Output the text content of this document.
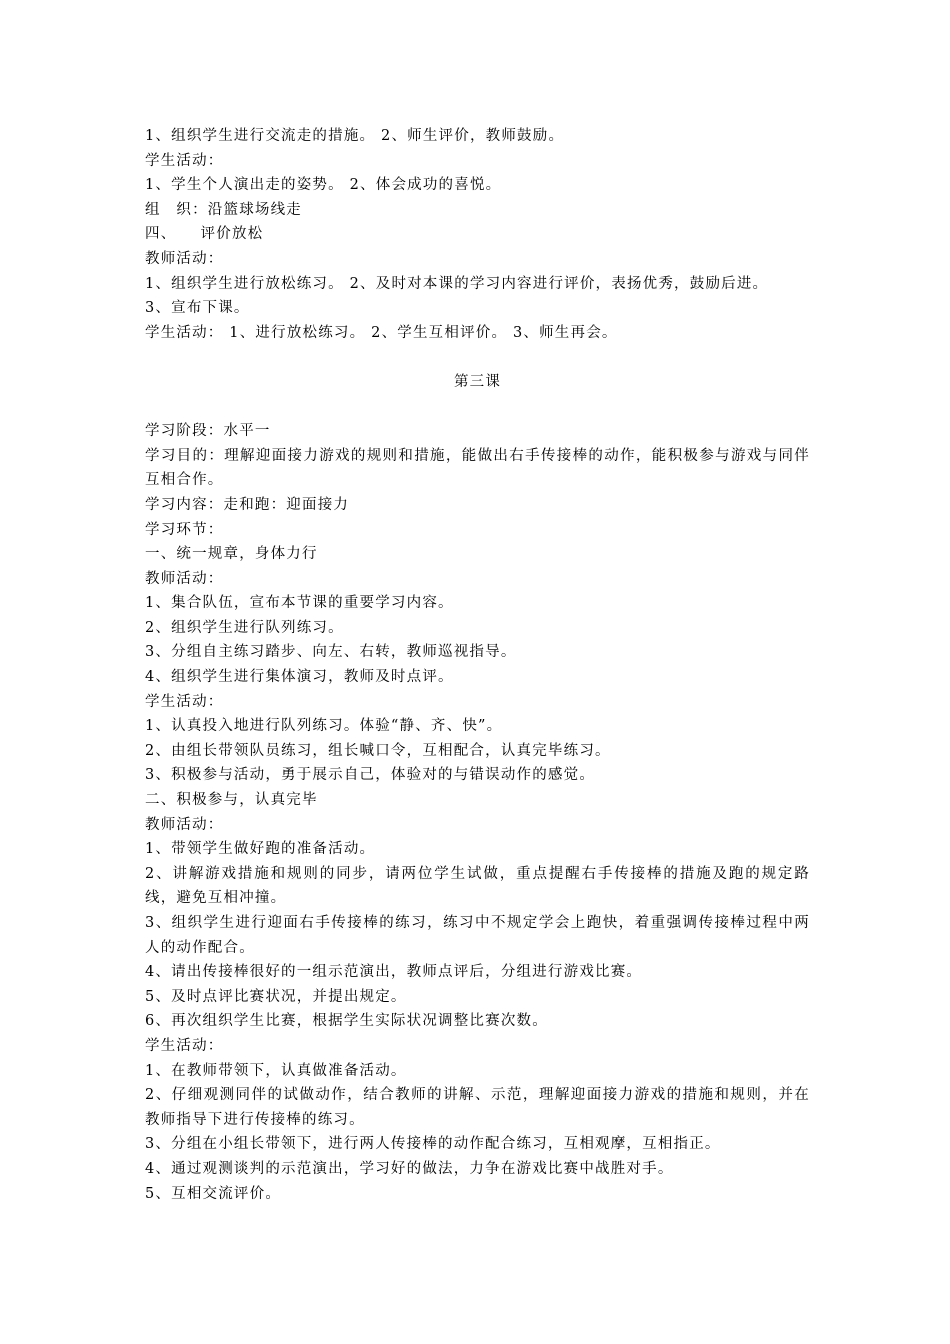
1、组织学生进行交流走的措施。 2、师生评价，教师鼓励。
学生活动：
1、学生个人演出走的姿势。 2、体会成功的喜悦。
组　织：沿篮球场线走
四、　　评价放松
教师活动：
1、组织学生进行放松练习。 2、及时对本课的学习内容进行评价，表扬优秀，鼓励后进。
3、宣布下课。
学生活动： 1、进行放松练习。 2、学生互相评价。 3、师生再会。
第三课
学习阶段：水平一
学习目的：理解迎面接力游戏的规则和措施，能做出右手传接棒的动作，能积极参与游戏与同伴互相合作。
学习内容：走和跑：迎面接力
学习环节：
一、统一规章，身体力行
教师活动：
1、集合队伍，宣布本节课的重要学习内容。
2、组织学生进行队列练习。
3、分组自主练习踏步、向左、右转，教师巡视指导。
4、组织学生进行集体演习，教师及时点评。
学生活动：
1、认真投入地进行队列练习。体验“静、齐、快”。
2、由组长带领队员练习，组长喊口令，互相配合，认真完毕练习。
3、积极参与活动，勇于展示自己，体验对的与错误动作的感觉。
二、积极参与，认真完毕
教师活动：
1、带领学生做好跑的准备活动。
2、讲解游戏措施和规则的同步，请两位学生试做，重点提醒右手传接棒的措施及跑的规定路线，避免互相冲撞。
3、组织学生进行迎面右手传接棒的练习，练习中不规定学会上跑快，着重强调传接棒过程中两人的动作配合。
4、请出传接棒很好的一组示范演出，教师点评后，分组进行游戏比赛。
5、及时点评比赛状况，并提出规定。
6、再次组织学生比赛，根据学生实际状况调整比赛次数。
学生活动：
1、在教师带领下，认真做准备活动。
2、仔细观测同伴的试做动作，结合教师的讲解、示范，理解迎面接力游戏的措施和规则，并在教师指导下进行传接棒的练习。
3、分组在小组长带领下，进行两人传接棒的动作配合练习，互相观摩，互相指正。
4、通过观测谈判的示范演出，学习好的做法，力争在游戏比赛中战胜对手。
5、互相交流评价。
